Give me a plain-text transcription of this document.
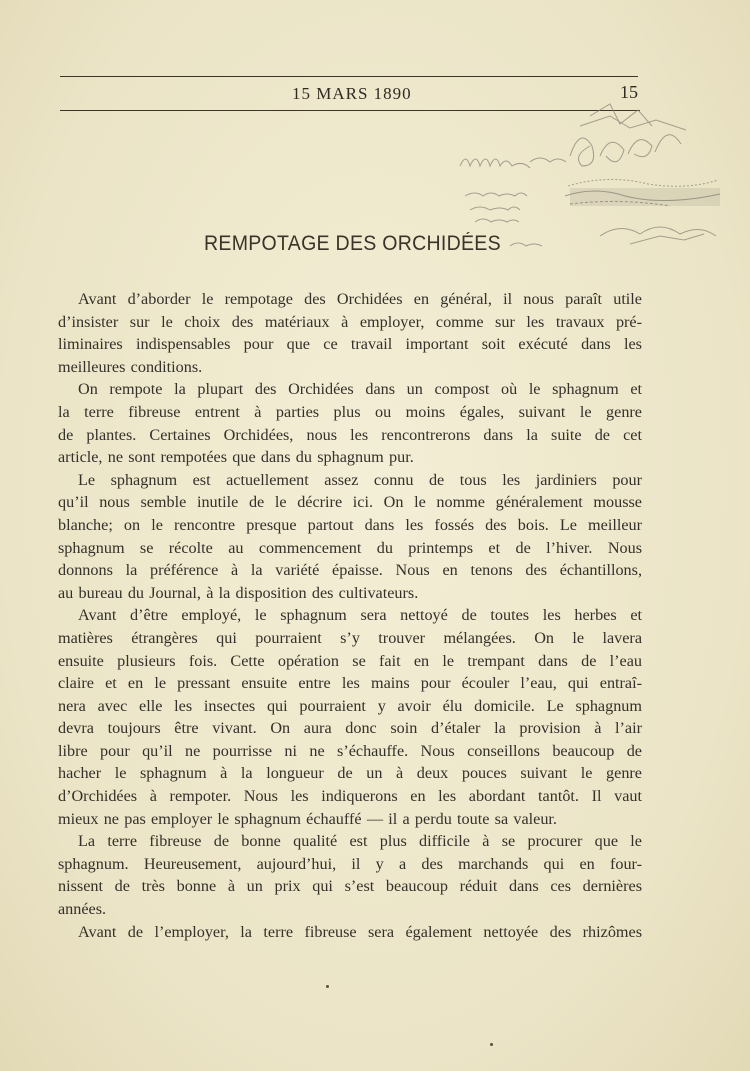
15 MARS 1890	15
REMPOTAGE DES ORCHIDÉES
Avant d’aborder le rempotage des Orchidées en général, il nous paraît utile
d’insister sur le choix des matériaux à employer, comme sur les travaux pré-
liminaires indispensables pour que ce travail important soit exécuté dans les
meilleures conditions.
On rempote la plupart des Orchidées dans un compost où le sphagnum et
la terre fibreuse entrent à parties plus ou moins égales, suivant le genre
de plantes. Certaines Orchidées, nous les rencontrerons dans la suite de cet
article, ne sont rempotées que dans du sphagnum pur.
Le sphagnum est actuellement assez connu de tous les jardiniers pour
qu’il nous semble inutile de le décrire ici. On le nomme généralement mousse
blanche; on le rencontre presque partout dans les fossés des bois. Le meilleur
sphagnum se récolte au commencement du printemps et de l’hiver. Nous
donnons la préférence à la variété épaisse. Nous en tenons des échantillons,
au bureau du Journal, à la disposition des cultivateurs.
Avant d’être employé, le sphagnum sera nettoyé de toutes les herbes et
matières étrangères qui pourraient s’y trouver mélangées. On le lavera
ensuite plusieurs fois. Cette opération se fait en le trempant dans de l’eau
claire et en le pressant ensuite entre les mains pour écouler l’eau, qui entraî-
nera avec elle les insectes qui pourraient y avoir élu domicile. Le sphagnum
devra toujours être vivant. On aura donc soin d’étaler la provision à l’air
libre pour qu’il ne pourrisse ni ne s’échauffe. Nous conseillons beaucoup de
hacher le sphagnum à la longueur de un à deux pouces suivant le genre
d’Orchidées à rempoter. Nous les indiquerons en les abordant tantôt. Il vaut
mieux ne pas employer le sphagnum échauffé — il a perdu toute sa valeur.
La terre fibreuse de bonne qualité est plus difficile à se procurer que le
sphagnum. Heureusement, aujourd’hui, il y a des marchands qui en four-
nissent de très bonne à un prix qui s’est beaucoup réduit dans ces dernières
années.
Avant de l’employer, la terre fibreuse sera également nettoyée des rhizômes
